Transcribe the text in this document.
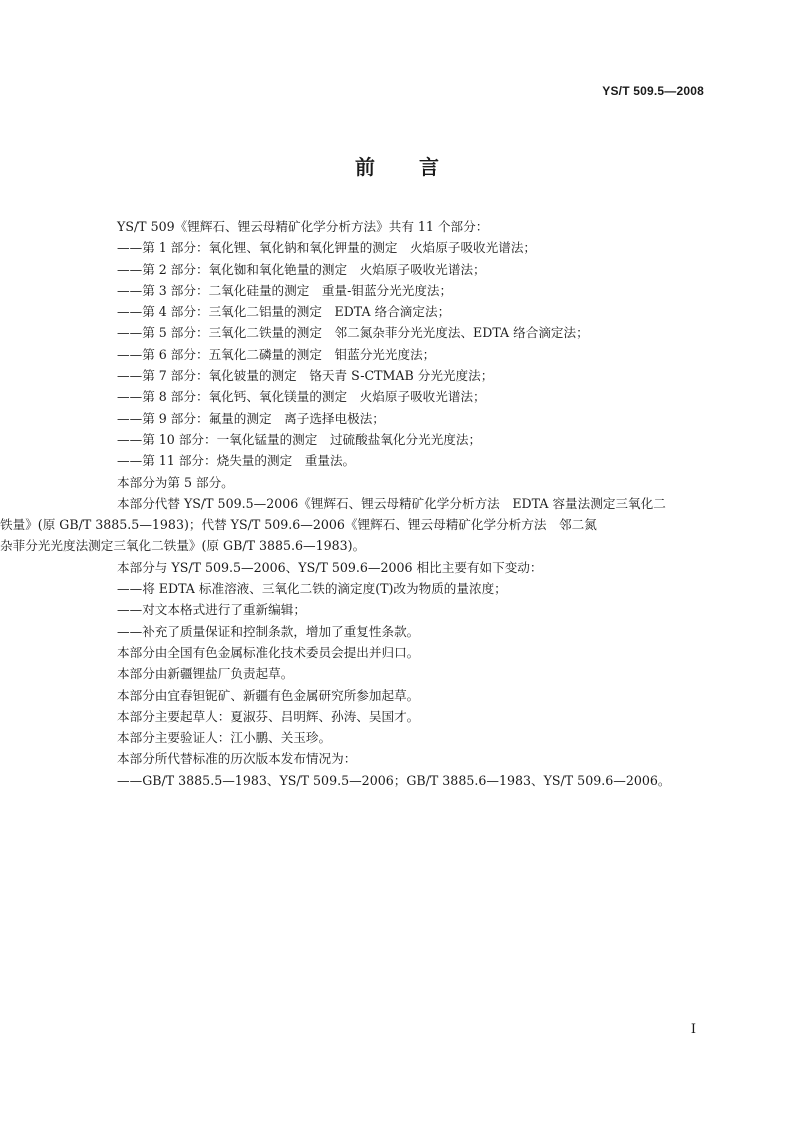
YS/T 509.5—2008
前 言
YS/T 509《锂辉石、锂云母精矿化学分析方法》共有 11 个部分：
——第 1 部分：氧化锂、氧化钠和氧化钾量的测定　火焰原子吸收光谱法；
——第 2 部分：氧化铷和氧化铯量的测定　火焰原子吸收光谱法；
——第 3 部分：二氧化硅量的测定　重量-钼蓝分光光度法；
——第 4 部分：三氧化二铝量的测定　EDTA 络合滴定法；
——第 5 部分：三氧化二铁量的测定　邻二氮杂菲分光光度法、EDTA 络合滴定法；
——第 6 部分：五氧化二磷量的测定　钼蓝分光光度法；
——第 7 部分：氧化铍量的测定　铬天青 S-CTMAB 分光光度法；
——第 8 部分：氧化钙、氧化镁量的测定　火焰原子吸收光谱法；
——第 9 部分：氟量的测定　离子选择电极法；
——第 10 部分：一氧化锰量的测定　过硫酸盐氧化分光光度法；
——第 11 部分：烧失量的测定　重量法。
本部分为第 5 部分。
本部分代替 YS/T 509.5—2006《锂辉石、锂云母精矿化学分析方法　EDTA 容量法测定三氧化二
铁量》(原 GB/T 3885.5—1983)；代替 YS/T 509.6—2006《锂辉石、锂云母精矿化学分析方法　邻二氮
杂菲分光光度法测定三氧化二铁量》(原 GB/T 3885.6—1983)。
本部分与 YS/T 509.5—2006、YS/T 509.6—2006 相比主要有如下变动：
——将 EDTA 标准溶液、三氧化二铁的滴定度(T)改为物质的量浓度；
——对文本格式进行了重新编辑；
——补充了质量保证和控制条款，增加了重复性条款。
本部分由全国有色金属标准化技术委员会提出并归口。
本部分由新疆锂盐厂负责起草。
本部分由宜春钽铌矿、新疆有色金属研究所参加起草。
本部分主要起草人：夏淑芬、吕明辉、孙涛、吴国才。
本部分主要验证人：江小鹏、关玉珍。
本部分所代替标准的历次版本发布情况为：
——GB/T 3885.5—1983、YS/T 509.5—2006；GB/T 3885.6—1983、YS/T 509.6—2006。
I
